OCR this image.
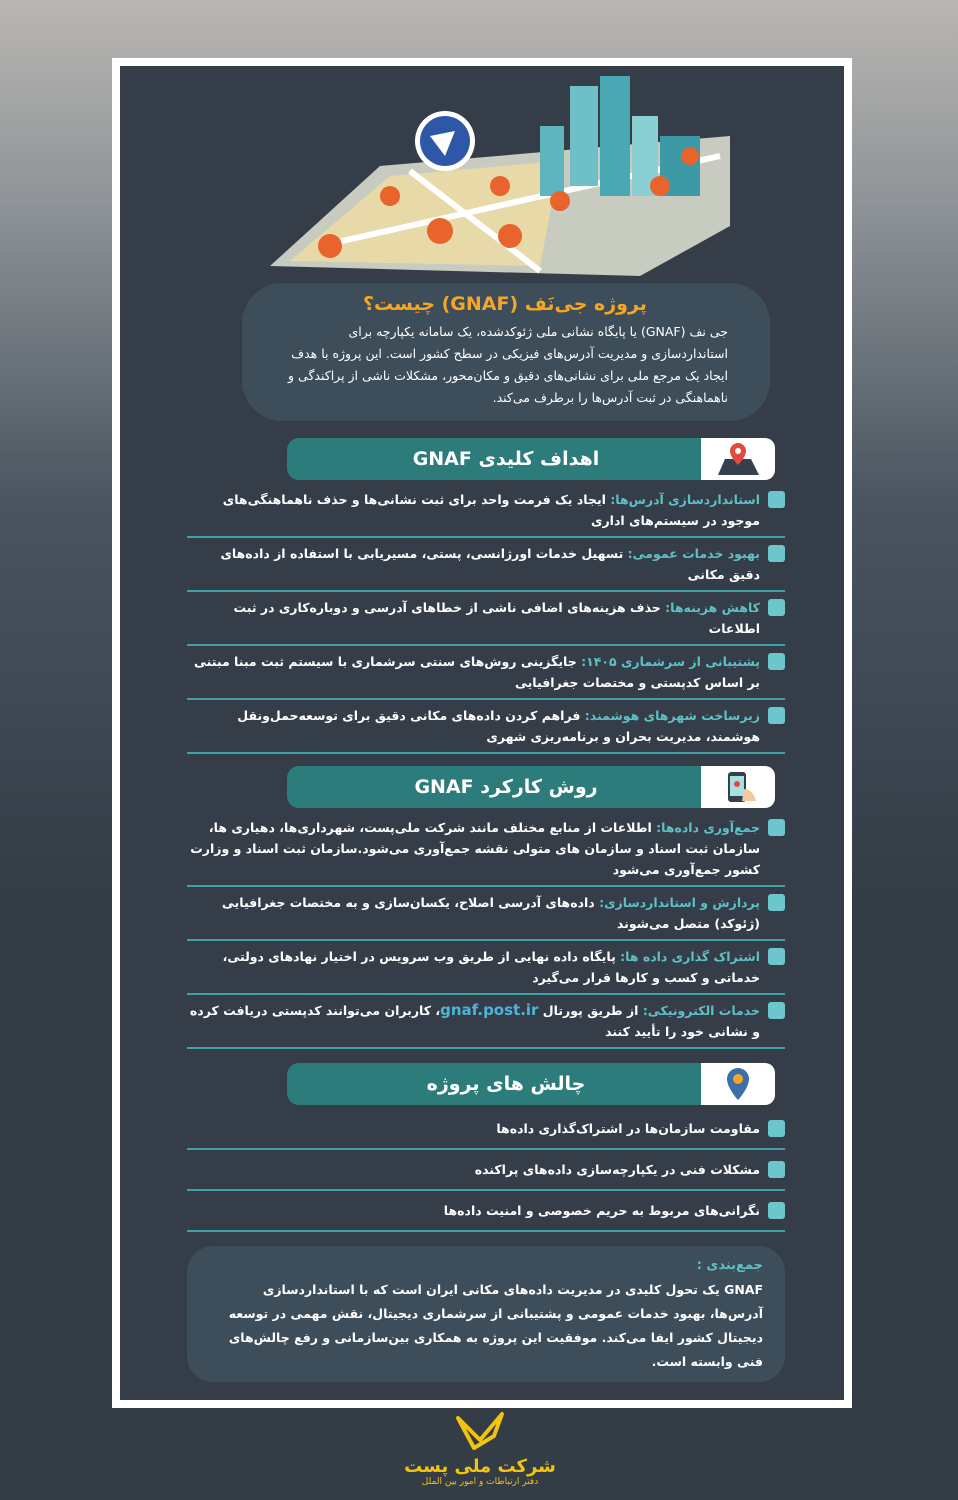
پروژه جی‌نَف (GNAF) چیست؟

جی نف (GNAF) یا پایگاه نشانی ملی ژئوکدشده، یک سامانه یکپارچه برای استانداردسازی و مدیریت آدرس‌های فیزیکی در سطح کشور است. این پروژه با هدف ایجاد یک مرجع ملی برای نشانی‌های دقیق و مکان‌محور، مشکلات ناشی از پراکندگی و ناهماهنگی در ثبت آدرس‌ها را برطرف می‌کند.

اهداف کلیدی GNAF
استانداردسازی آدرس‌ها: ایجاد یک فرمت واحد برای ثبت نشانی‌ها و حذف ناهماهنگی‌های موجود در سیستم‌های اداری
بهبود خدمات عمومی: تسهیل خدمات اورژانسی، پستی، مسیریابی با استفاده از داده‌های دقیق مکانی
کاهش هزینه‌ها: حذف هزینه‌های اضافی ناشی از خطاهای آدرسی و دوباره‌کاری در ثبت اطلاعات
پشتیبانی از سرشماری ۱۴۰۵: جایگزینی روش‌های سنتی سرشماری با سیستم ثبت مبنا مبتنی بر اساس کدپستی و مختصات جغرافیایی
زیرساخت شهرهای هوشمند: فراهم کردن داده‌های مکانی دقیق برای توسعه‌حمل‌ونقل هوشمند، مدیریت بحران و برنامه‌ریزی شهری
روش کارکرد GNAF
جمع‌آوری داده‌ها: اطلاعات از منابع مختلف مانند شرکت ملی‌پست، شهرداری‌ها، دهیاری ها، سازمان ثبت اسناد و سازمان های متولی نقشه جمع‌آوری می‌شود.سازمان ثبت اسناد و وزارت کشور جمع‌آوری می‌شود
پردازش و استانداردسازی: داده‌های آدرسی اصلاح، یکسان‌سازی و به مختصات جغرافیایی (ژئوکد) متصل می‌شوند
اشتراک گذاری داده ها: پایگاه داده نهایی از طریق وب سرویس در اختیار نهادهای دولتی، خدماتی و کسب و کارها قرار می‌گیرد
خدمات الکترونیکی: از طریق پورتال gnaf.post.ir، کاربران می‌توانند کدپستی دریافت کرده و نشانی خود را تأیید کنند
چالش های پروژه
مقاومت سازمان‌ها در اشتراک‌گذاری داده‌ها
مشکلات فنی در یکپارچه‌سازی داده‌های پراکنده
نگرانی‌های مربوط به حریم خصوصی و امنیت داده‌ها
جمع‌بندی :

GNAF یک تحول کلیدی در مدیریت داده‌های مکانی ایران است که با استانداردسازی آدرس‌ها، بهبود خدمات عمومی و پشتیبانی از سرشماری دیجیتال، نقش مهمی در توسعه دیجیتال کشور ایفا می‌کند. موفقیت این پروژه به همکاری بین‌سازمانی و رفع چالش‌های فنی وابسته است.

شرکت ملی پست
دفتر ارتباطات و امور بین الملل
